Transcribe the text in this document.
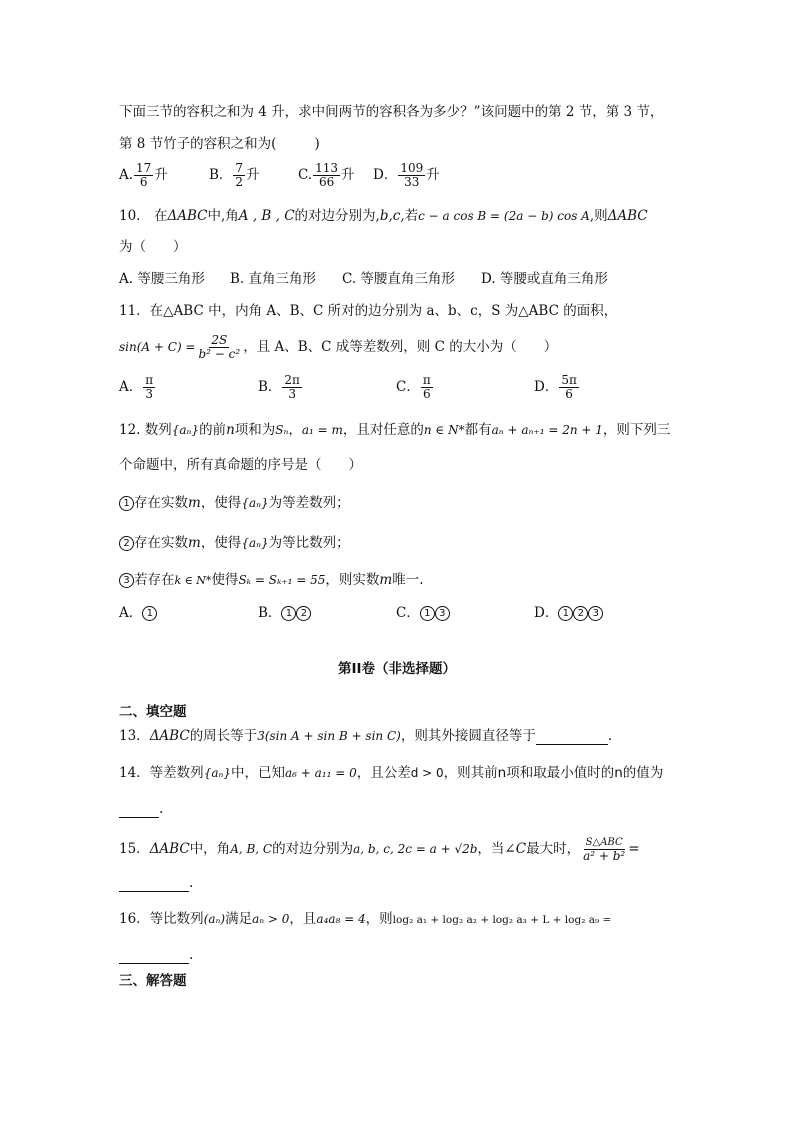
下面三节的容积之和为 4 升，求中间两节的容积各为多少？”该问题中的第 2 节，第 3 节，
第 8 节竹子的容积之和为(	)
A. $\frac{17}{6}$ 升	B． $\frac{7}{2}$ 升	C. $\frac{113}{66}$ 升 D． $\frac{109}{33}$ 升
10.　在ΔABC中,角A , B , C的对边分别为,b,c,若c − a cos B = (2a − b) cos A,则ΔABC
为（　　）
A. 等腰三角形 B. 直角三角形 C. 等腰直角三角形 D. 等腰或直角三角形
11．在△ABC 中，内角 A、B、C 所对的边分别为 a、b、c，S 为△ABC 的面积，
$\sin(A + C) = \frac{2S}{\text{b² − c²}}$ ，且 A、B、C 成等差数列，则 C 的大小为（　　）
A． $\frac{\pi}{3}$	B． $\frac{2\pi}{3}$	C． $\frac{\pi}{6}$	D． $\frac{5\pi}{6}$
12. 数列{aₙ}的前n项和为Sₙ，a₁ = m，且对任意的n ∈ N*都有aₙ + aₙ₊₁ = 2n + 1，则下列三
个命题中，所有真命题的序号是（　　）
1 存在实数m，使得{aₙ}为等差数列；
2 存在实数m，使得{aₙ}为等比数列；
3 若存在k ∈ N*使得Sₖ = Sₖ₊₁ = 55，则实数m唯一.
A． 1	B． 1 2	C． 1 3	D． 1 2 3
第II卷（非选择题）
二、填空题
13．ΔABC的周长等于3(sin A + sin B + sin C)，则其外接圆直径等于	.
14．等差数列{aₙ}中，已知a₆ + a₁₁ = 0，且公差d > 0，则其前n项和取最小值时的n的值为
.
15．ΔABC中，角A, B, C的对边分别为a, b, c, 2c = a + √2b，当∠C最大时， $\frac{\text{S△ABC}}{\text{a² + b²}}$ =
.
16．等比数列(aₙ)满足aₙ > 0，且a₄a₈ = 4，则log₂ a₁ + log₂ a₂ + log₂ a₃ + L + log₂ a₉ =
.
三、解答题
